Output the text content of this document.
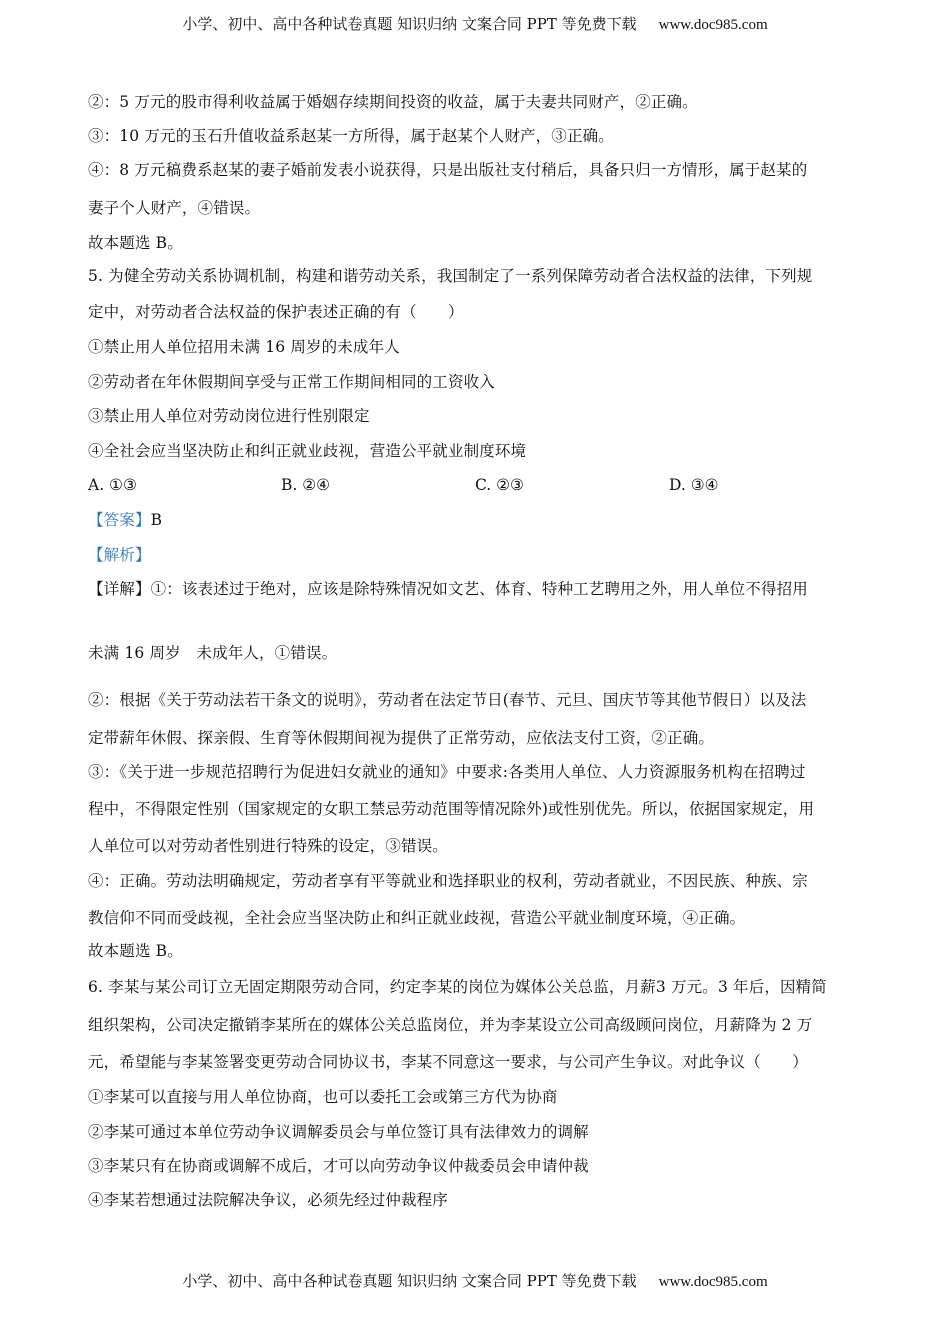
小学、初中、高中各种试卷真题 知识归纳 文案合同 PPT 等免费下载 www.doc985.com
②：5 万元的股市得利收益属于婚姻存续期间投资的收益，属于夫妻共同财产，②正确。
③：10 万元的玉石升值收益系赵某一方所得，属于赵某个人财产，③正确。
④：8 万元稿费系赵某的妻子婚前发表小说获得，只是出版社支付稍后，具备只归一方情形，属于赵某的
妻子个人财产，④错误。
故本题选 B。
5. 为健全劳动关系协调机制，构建和谐劳动关系，我国制定了一系列保障劳动者合法权益的法律，下列规
定中，对劳动者合法权益的保护表述正确的有（　　）
①禁止用人单位招用未满 16 周岁的未成年人
②劳动者在年休假期间享受与正常工作期间相同的工资收入
③禁止用人单位对劳动岗位进行性别限定
④全社会应当坚决防止和纠正就业歧视，营造公平就业制度环境
A. ①③	B. ②④	C. ②③	D. ③④
【答案】B
【解析】
【详解】①：该表述过于绝对，应该是除特殊情况如文艺、体育、特种工艺聘用之外，用人单位不得招用
未满 16 周岁　未成年人，①错误。
②：根据《关于劳动法若干条文的说明》，劳动者在法定节日(春节、元旦、国庆节等其他节假日）以及法
定带薪年休假、探亲假、生育等休假期间视为提供了正常劳动，应依法支付工资，②正确。
③：《关于进一步规范招聘行为促进妇女就业的通知》中要求:各类用人单位、人力资源服务机构在招聘过
程中，不得限定性别（国家规定的女职工禁忌劳动范围等情况除外)或性别优先。所以，依据国家规定，用
人单位可以对劳动者性别进行特殊的设定，③错误。
④：正确。劳动法明确规定，劳动者享有平等就业和选择职业的权利，劳动者就业，不因民族、种族、宗
教信仰不同而受歧视，全社会应当坚决防止和纠正就业歧视，营造公平就业制度环境，④正确。
故本题选 B。
6. 李某与某公司订立无固定期限劳动合同，约定李某的岗位为媒体公关总监，月薪3 万元。3 年后，因精简
组织架构，公司决定撤销李某所在的媒体公关总监岗位，并为李某设立公司高级顾问岗位，月薪降为 2 万
元，希望能与李某签署变更劳动合同协议书，李某不同意这一要求，与公司产生争议。对此争议（　　）
①李某可以直接与用人单位协商，也可以委托工会或第三方代为协商
②李某可通过本单位劳动争议调解委员会与单位签订具有法律效力的调解
③李某只有在协商或调解不成后，才可以向劳动争议仲裁委员会申请仲裁
④李某若想通过法院解决争议，必须先经过仲裁程序
小学、初中、高中各种试卷真题 知识归纳 文案合同 PPT 等免费下载 www.doc985.com
